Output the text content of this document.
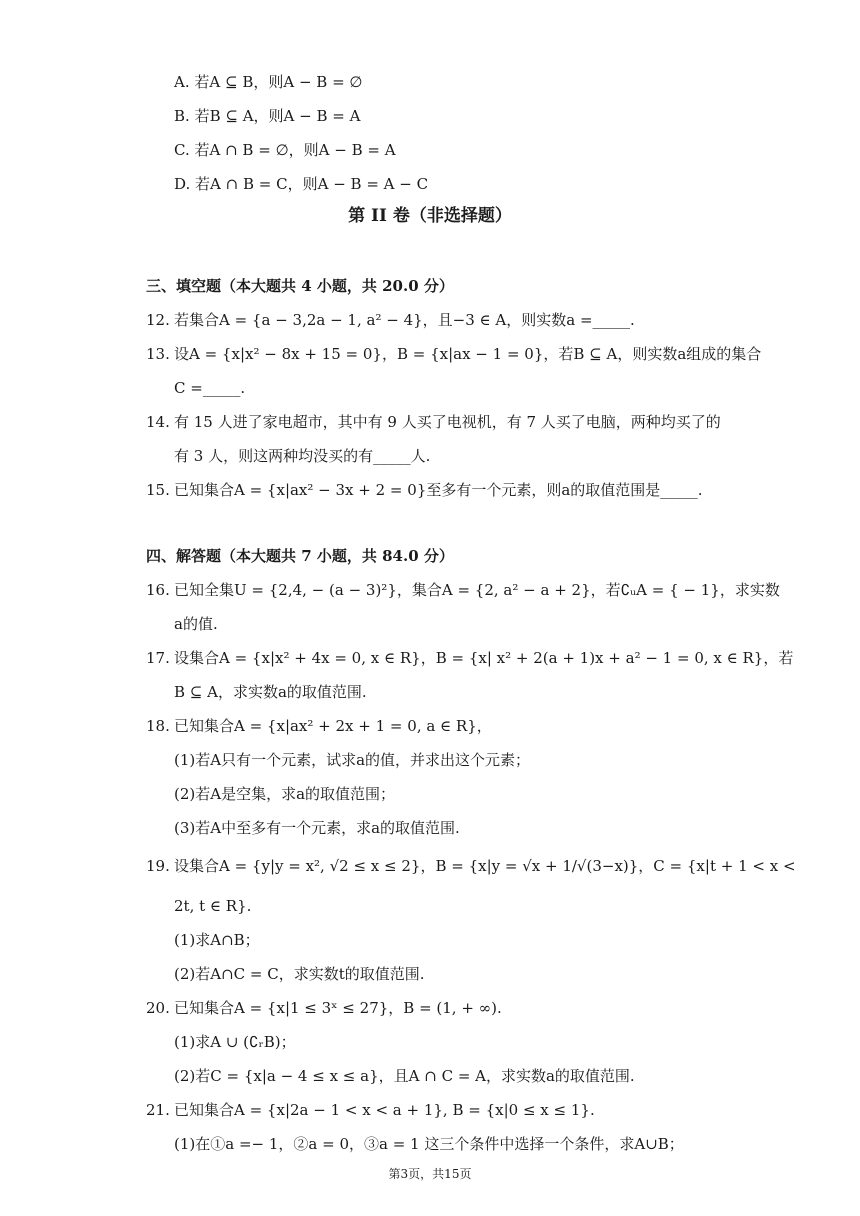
A. 若A ⊆ B，则A − B = ∅
B. 若B ⊆ A，则A − B = A
C. 若A ∩ B = ∅，则A − B = A
D. 若A ∩ B = C，则A − B = A − C
第 II 卷（非选择题）
三、填空题（本大题共 4 小题，共 20.0 分）
12. 若集合A = {a − 3,2a − 1, a² − 4}，且−3 ∈ A，则实数a =_____.
13. 设A = {x|x² − 8x + 15 = 0}，B = {x|ax − 1 = 0}，若B ⊆ A，则实数a组成的集合
C =_____.
14. 有 15 人进了家电超市，其中有 9 人买了电视机，有 7 人买了电脑，两种均买了的
有 3 人，则这两种均没买的有_____人.
15. 已知集合A = {x|ax² − 3x + 2 = 0}至多有一个元素，则a的取值范围是_____.
四、解答题（本大题共 7 小题，共 84.0 分）
16. 已知全集U = {2,4, − (a − 3)²}，集合A = {2, a² − a + 2}，若∁ᵤA = { − 1}，求实数
a的值.
17. 设集合A = {x|x² + 4x = 0, x ∈ R}，B = {x| x² + 2(a + 1)x + a² − 1 = 0, x ∈ R}，若
B ⊆ A，求实数a的取值范围.
18. 已知集合A = {x|ax² + 2x + 1 = 0, a ∈ R}，
(1)若A只有一个元素，试求a的值，并求出这个元素；
(2)若A是空集，求a的取值范围；
(3)若A中至多有一个元素，求a的取值范围.
19. 设集合A = {y|y = x², √2 ≤ x ≤ 2}，B = {x|y = √x + 1/√(3−x)}，C = {x|t + 1 < x <
2t, t ∈ R}.
(1)求A∩B；
(2)若A∩C = C，求实数t的取值范围.
20. 已知集合A = {x|1 ≤ 3ˣ ≤ 27}，B = (1, + ∞).
(1)求A ∪ (∁ᵣB)；
(2)若C = {x|a − 4 ≤ x ≤ a}，且A ∩ C = A，求实数a的取值范围.
21. 已知集合A = {x|2a − 1 < x < a + 1}, B = {x|0 ≤ x ≤ 1}.
(1)在①a =− 1，②a = 0，③a = 1 这三个条件中选择一个条件，求A∪B；
第3页，共15页
